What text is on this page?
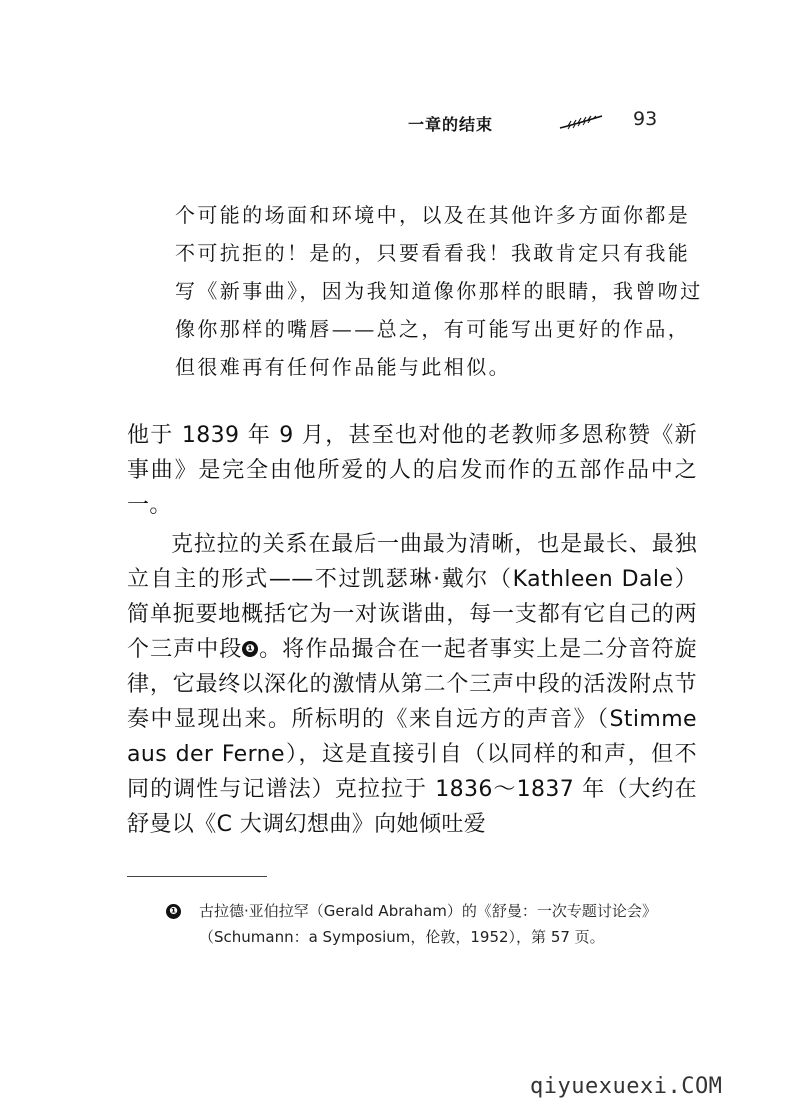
一章的结束	93
个可能的场面和环境中，以及在其他许多方面你都是不可抗拒的！是的，只要看看我！我敢肯定只有我能写《新事曲》，因为我知道像你那样的眼睛，我曾吻过像你那样的嘴唇——总之，有可能写出更好的作品，但很难再有任何作品能与此相似。
他于 1839 年 9 月，甚至也对他的老教师多恩称赞《新事曲》是完全由他所爱的人的启发而作的五部作品中之一。
克拉拉的关系在最后一曲最为清晰，也是最长、最独立自主的形式——不过凯瑟琳·戴尔（Kathleen Dale）简单扼要地概括它为一对诙谐曲，每一支都有它自己的两个三声中段 ❶ 。将作品撮合在一起者事实上是二分音符旋律，它最终以深化的激情从第二个三声中段的活泼附点节奏中显现出来。所标明的《来自远方的声音》（Stimme aus der Ferne），这是直接引自（以同样的和声，但不同的调性与记谱法）克拉拉于 1836～1837 年（大约在舒曼以《C 大调幻想曲》向她倾吐爱
❶ 古拉德·亚伯拉罕（Gerald Abraham）的《舒曼：一次专题讨论会》（Schumann：a Symposium，伦敦，1952），第 57 页。
qiyuexuexi.COM
